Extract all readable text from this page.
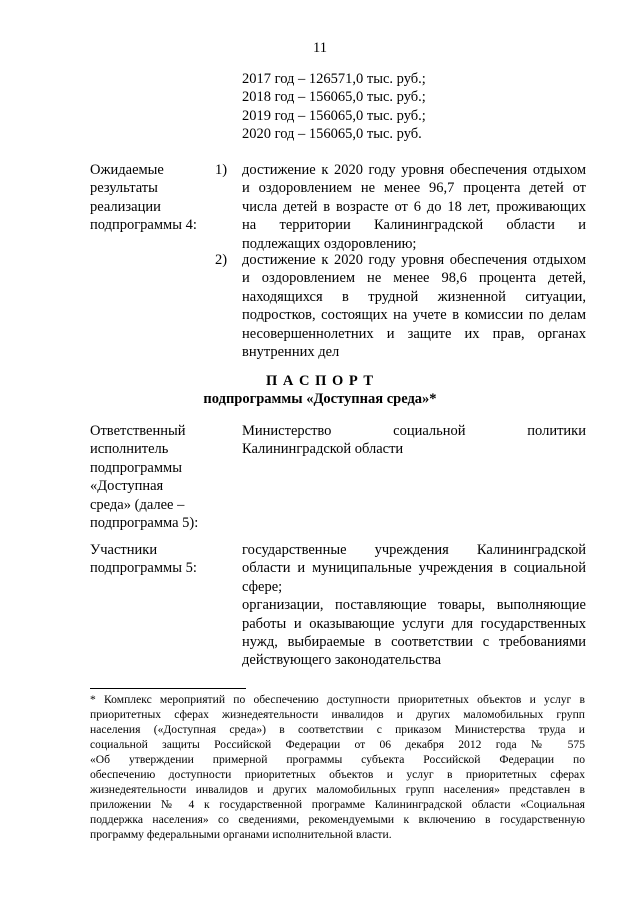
11
2017 год – 126571,0 тыс. руб.;
2018 год – 156065,0 тыс. руб.;
2019 год – 156065,0 тыс. руб.;
2020 год – 156065,0 тыс. руб.
Ожидаемые
результаты
реализации
подпрограммы 4:
1)	достижение к 2020 году уровня обеспечения отдыхом
и оздоровлением не менее 96,7 процента детей от
числа детей в возрасте от 6 до 18 лет, проживающих
на территории Калининградской области и
подлежащих оздоровлению;
2)	достижение к 2020 году уровня обеспечения отдыхом
и оздоровлением не менее 98,6 процента детей,
находящихся в трудной жизненной ситуации,
подростков, состоящих на учете в комиссии по делам
несовершеннолетних и защите их прав, органах
внутренних дел
П А С П О Р Т
подпрограммы «Доступная среда»*
Ответственный
исполнитель
подпрограммы
«Доступная
среда» (далее –
подпрограмма 5):
Министерство социальной политики
Калининградской области
Участники
подпрограммы 5:
государственные учреждения Калининградской
области и муниципальные учреждения в социальной
сфере;
организации, поставляющие товары, выполняющие
работы и оказывающие услуги для государственных
нужд, выбираемые в соответствии с требованиями
действующего законодательства
* Комплекс мероприятий по обеспечению доступности приоритетных объектов и услуг в
приоритетных сферах жизнедеятельности инвалидов и других маломобильных групп
населения («Доступная среда») в соответствии с приказом Министерства труда и
социальной защиты Российской Федерации от 06 декабря 2012 года № 575
«Об утверждении примерной программы субъекта Российской Федерации по
обеспечению доступности приоритетных объектов и услуг в приоритетных сферах
жизнедеятельности инвалидов и других маломобильных групп населения» представлен в
приложении № 4 к государственной программе Калининградской области «Социальная
поддержка населения» со сведениями, рекомендуемыми к включению в государственную
программу федеральными органами исполнительной власти.
